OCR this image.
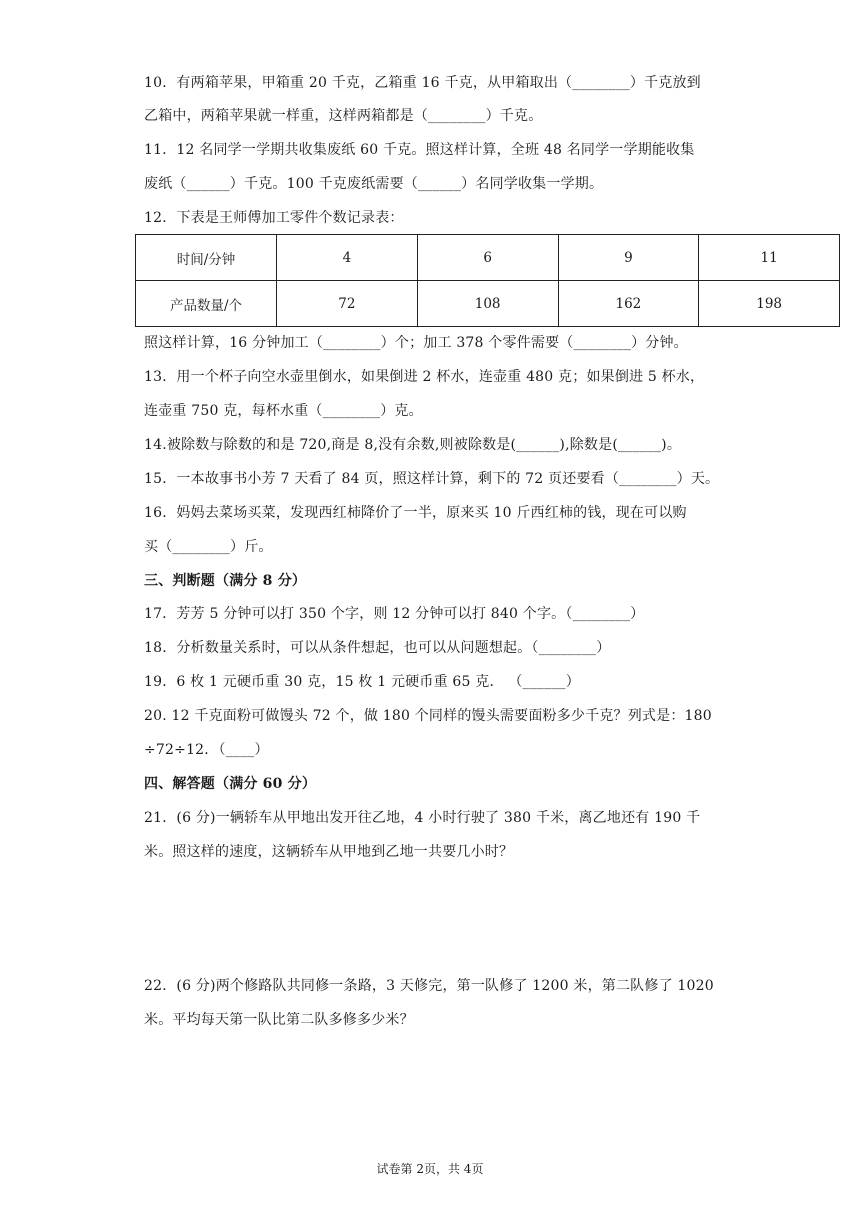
10．有两箱苹果，甲箱重 20 千克，乙箱重 16 千克，从甲箱取出（________）千克放到
乙箱中，两箱苹果就一样重，这样两箱都是（________）千克。
11．12 名同学一学期共收集废纸 60 千克。照这样计算，全班 48 名同学一学期能收集
废纸（______）千克。100 千克废纸需要（______）名同学收集一学期。
12．下表是王师傅加工零件个数记录表：
时间/分钟	4	6	9	11
产品数量/个	72	108	162	198
照这样计算，16 分钟加工（________）个；加工 378 个零件需要（________）分钟。
13．用一个杯子向空水壶里倒水，如果倒进 2 杯水，连壶重 480 克；如果倒进 5 杯水，
连壶重 750 克，每杯水重（________）克。
14.被除数与除数的和是 720,商是 8,没有余数,则被除数是(______),除数是(______)。
15．一本故事书小芳 7 天看了 84 页，照这样计算，剩下的 72 页还要看（________）天。
16．妈妈去菜场买菜，发现西红柿降价了一半，原来买 10 斤西红柿的钱，现在可以购
买（________）斤。
三、判断题（满分 8 分）
17．芳芳 5 分钟可以打 350 个字，则 12 分钟可以打 840 个字。（________）
18．分析数量关系时，可以从条件想起，也可以从问题想起。（________）
19．6 枚 1 元硬币重 30 克，15 枚 1 元硬币重 65 克． （______）
20. 12 千克面粉可做馒头 72 个，做 180 个同样的馒头需要面粉多少千克？列式是：180
÷72÷12．（____）
四、解答题（满分 60 分）
21．(6 分)一辆轿车从甲地出发开往乙地，4 小时行驶了 380 千米，离乙地还有 190 千
米。照这样的速度，这辆轿车从甲地到乙地一共要几小时？
22．(6 分)两个修路队共同修一条路，3 天修完，第一队修了 1200 米，第二队修了 1020
米。平均每天第一队比第二队多修多少米？
试卷第 2页，共 4页
